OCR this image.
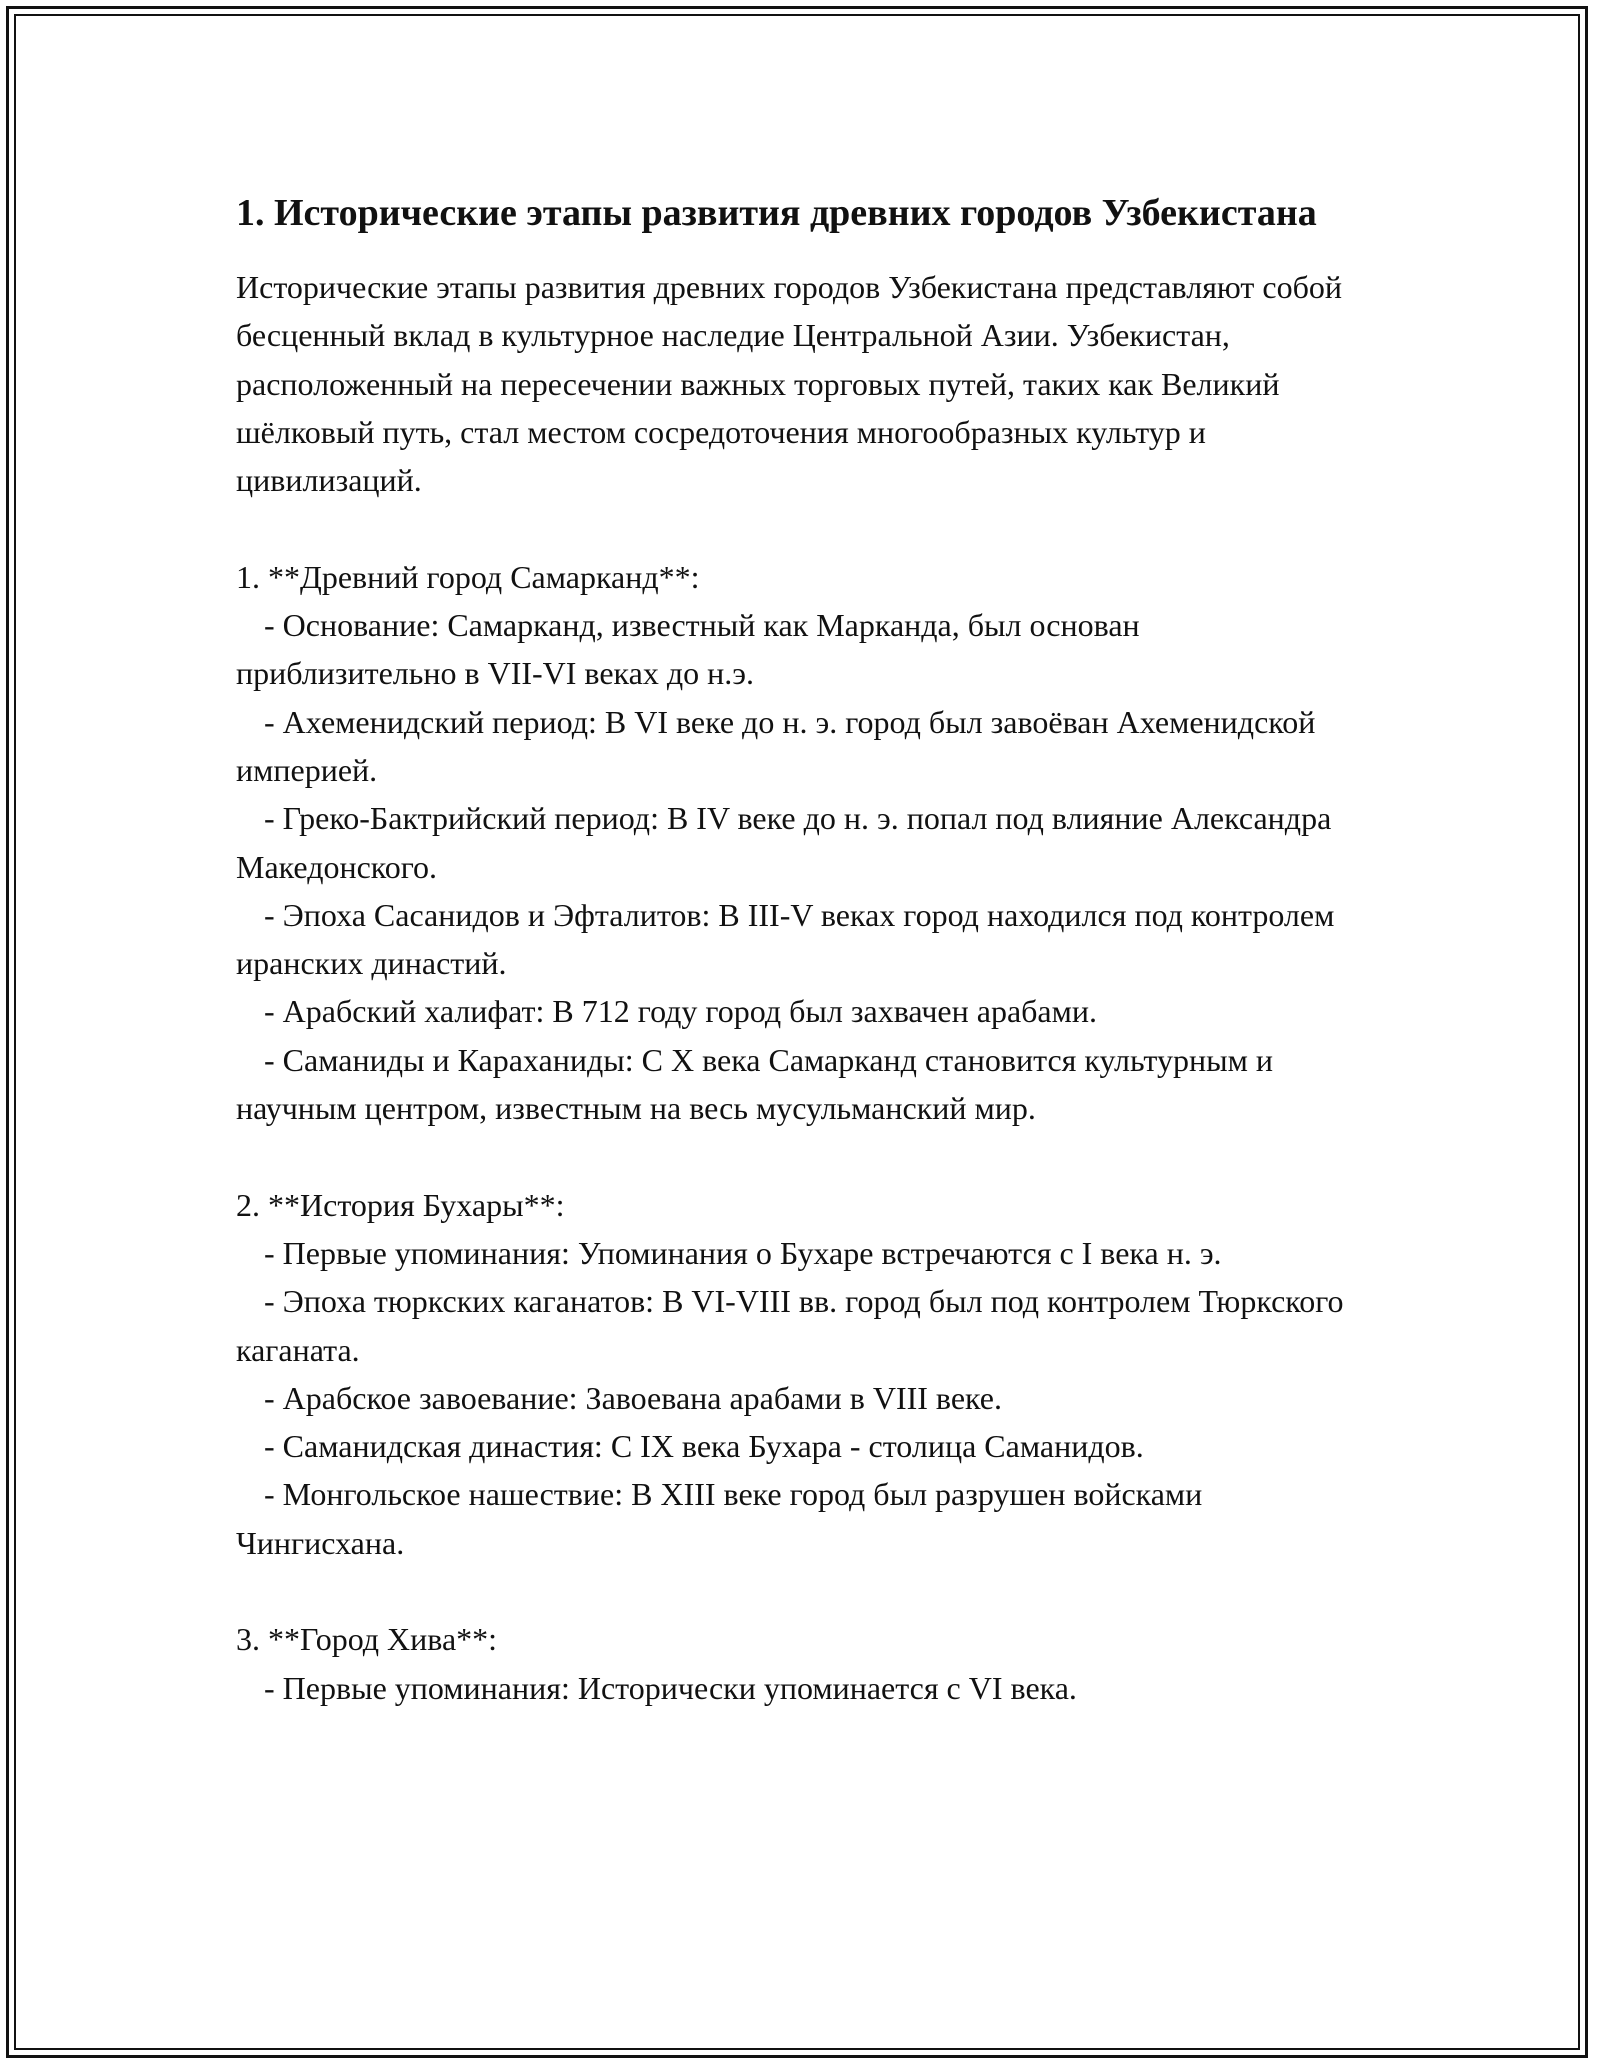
1. Исторические этапы развития древних городов Узбекистана

Исторические этапы развития древних городов Узбекистана представляют собой бесценный вклад в культурное наследие Центральной Азии. Узбекистан, расположенный на пересечении важных торговых путей, таких как Великий шёлковый путь, стал местом сосредоточения многообразных культур и цивилизаций.

1. **Древний город Самарканд**:

- Основание: Самарканд, известный как Марканда, был основан приблизительно в VII-VI веках до н.э.

- Ахеменидский период: В VI веке до н. э. город был завоёван Ахеменидской империей.

- Греко-Бактрийский период: В IV веке до н. э. попал под влияние Александра Македонского.

- Эпоха Сасанидов и Эфталитов: В III-V веках город находился под контролем иранских династий.

- Арабский халифат: В 712 году город был захвачен арабами.

- Саманиды и Караханиды: С X века Самарканд становится культурным и научным центром, известным на весь мусульманский мир.

2. **История Бухары**:

- Первые упоминания: Упоминания о Бухаре встречаются с I века н. э.

- Эпоха тюркских каганатов: В VI-VIII вв. город был под контролем Тюркского каганата.

- Арабское завоевание: Завоевана арабами в VIII веке.

- Саманидская династия: С IX века Бухара - столица Саманидов.

- Монгольское нашествие: В XIII веке город был разрушен войсками Чингисхана.

3. **Город Хива**:

- Первые упоминания: Исторически упоминается с VI века.
